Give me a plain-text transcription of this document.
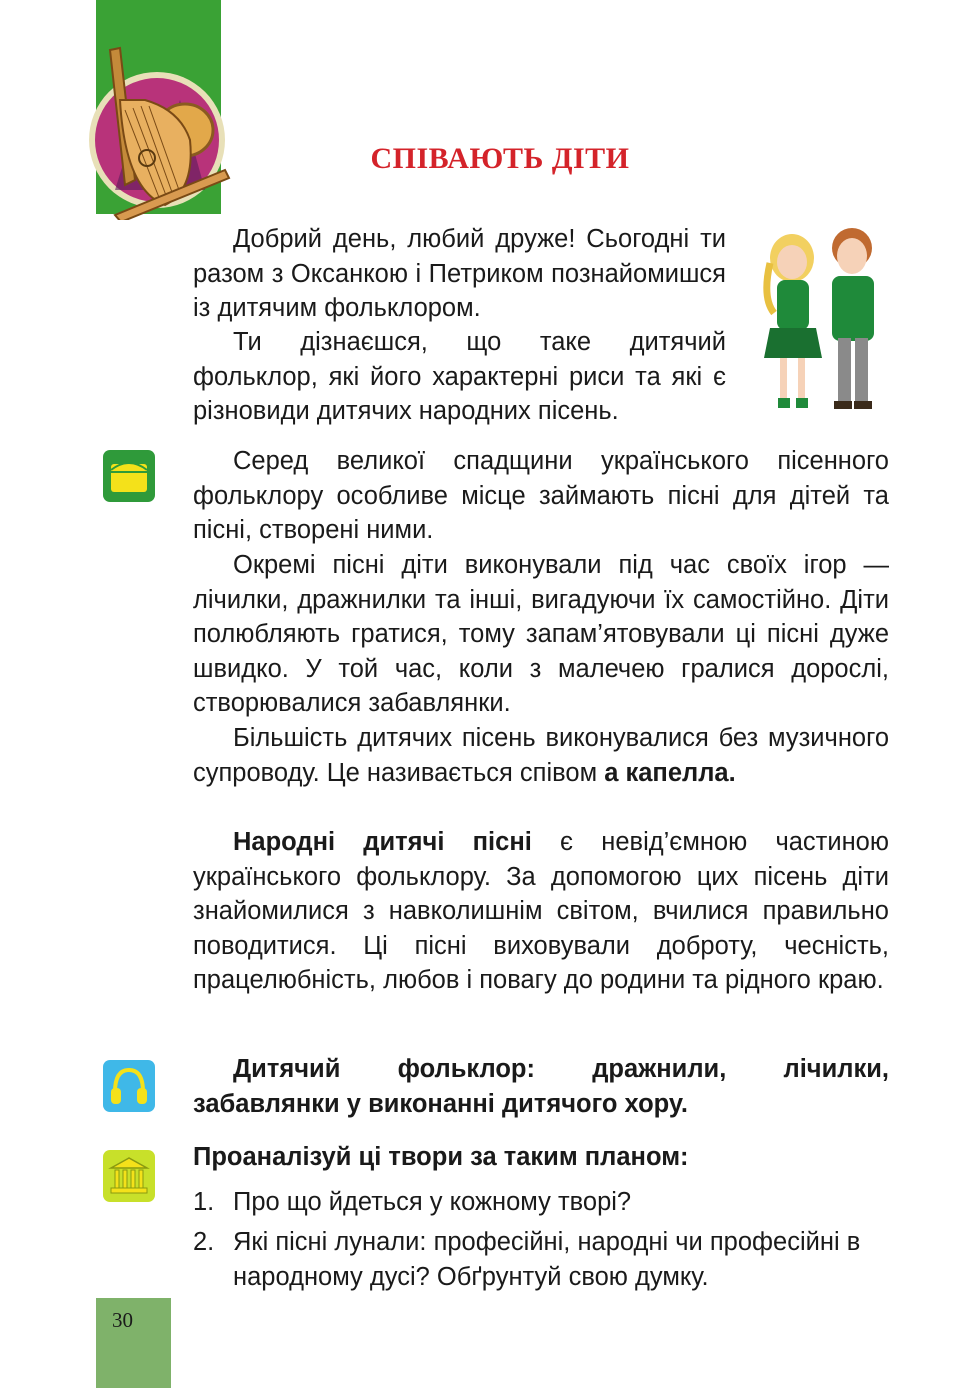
СПІВАЮТЬ ДІТИ

Добрий день, любий друже! Сьогодні ти разом з Оксанкою і Петриком познайомишся із дитячим фольклором.

Ти дізнаєшся, що таке дитячий фольклор, які його характерні риси та які є різновиди дитячих народних пісень.

Серед великої спадщини українського пісенного фольклору особливе місце займають пісні для дітей та пісні, створені ними.

Окремі пісні діти виконували під час своїх ігор — лічилки, дражнилки та інші, вигадуючи їх самостійно. Діти полюбляють гратися, тому запам’ятовували ці пісні дуже швидко. У той час, коли з малечею гралися дорослі, створювалися забавлянки.

Більшість дитячих пісень виконувалися без музичного супроводу. Це називається співом а капелла.

Народні дитячі пісні є невід’ємною частиною українського фольклору. За допомогою цих пісень діти знайомилися з навколишнім світом, вчилися правильно поводитися. Ці пісні виховували доброту, чесність, працелюбність, любов і повагу до родини та рідного краю.

Дитячий фольклор: дражнили, лічилки, забавлянки у виконанні дитячого хору.

Проаналізуй ці твори за таким планом:

1. Про що йдеться у кожному творі?
2. Які пісні лунали: професійні, народні чи професійні в народному дусі? Обґрунтуй свою думку.
30
